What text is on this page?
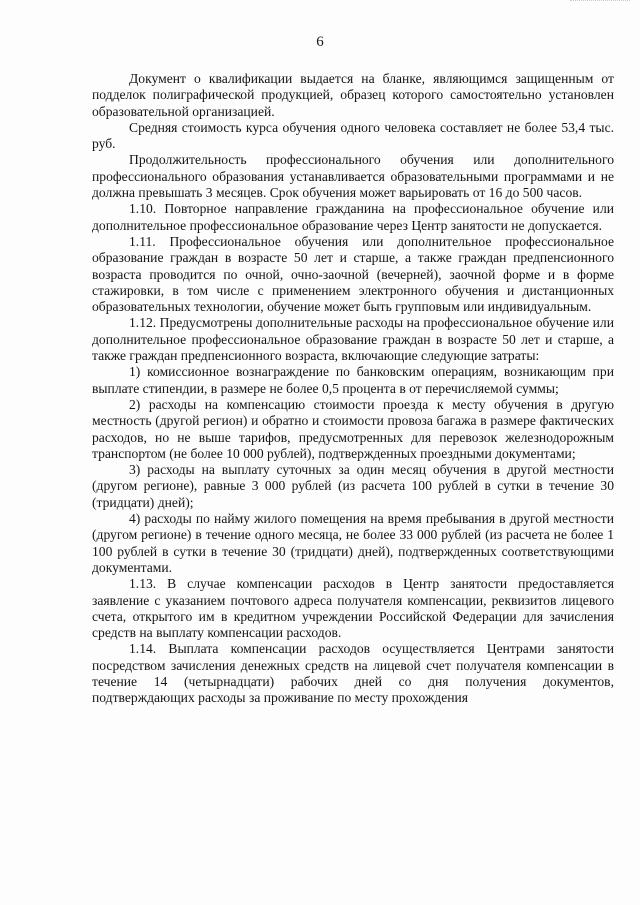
6

Документ о квалификации выдается на бланке, являющимся защищенным от подделок полиграфической продукцией, образец которого самостоятельно установлен образовательной организацией.

Средняя стоимость курса обучения одного человека составляет не более 53,4 тыс. руб.

Продолжительность профессионального обучения или дополнительного профессионального образования устанавливается образовательными программами и не должна превышать 3 месяцев. Срок обучения может варьировать от 16 до 500 часов.

1.10. Повторное направление гражданина на профессиональное обучение или дополнительное профессиональное образование через Центр занятости не допускается.

1.11. Профессиональное обучения или дополнительное профессиональное образование граждан в возрасте 50 лет и старше, а также граждан предпенсионного возраста проводится по очной, очно-заочной (вечерней), заочной форме и в форме стажировки, в том числе с применением электронного обучения и дистанционных образовательных технологии, обучение может быть групповым или индивидуальным.

1.12. Предусмотрены дополнительные расходы на профессиональное обучение или дополнительное профессиональное образование граждан в возрасте 50 лет и старше, а также граждан предпенсионного возраста, включающие следующие затраты:

1) комиссионное вознаграждение по банковским операциям, возникающим при выплате стипендии, в размере не более 0,5 процента в от перечисляемой суммы;

2) расходы на компенсацию стоимости проезда к месту обучения в другую местность (другой регион) и обратно и стоимости провоза багажа в размере фактических расходов, но не выше тарифов, предусмотренных для перевозок железнодорожным транспортом (не более 10 000 рублей), подтвержденных проездными документами;

3) расходы на выплату суточных за один месяц обучения в другой местности (другом регионе), равные 3 000 рублей (из расчета 100 рублей в сутки в течение 30 (тридцати) дней);

4) расходы по найму жилого помещения на время пребывания в другой местности (другом регионе) в течение одного месяца, не более 33 000 рублей (из расчета не более 1 100 рублей в сутки в течение 30 (тридцати) дней), подтвержденных соответствующими документами.

1.13. В случае компенсации расходов в Центр занятости предоставляется заявление с указанием почтового адреса получателя компенсации, реквизитов лицевого счета, открытого им в кредитном учреждении Российской Федерации для зачисления средств на выплату компенсации расходов.

1.14. Выплата компенсации расходов осуществляется Центрами занятости посредством зачисления денежных средств на лицевой счет получателя компенсации в течение 14 (четырнадцати) рабочих дней со дня получения документов, подтверждающих расходы за проживание по месту прохождения
